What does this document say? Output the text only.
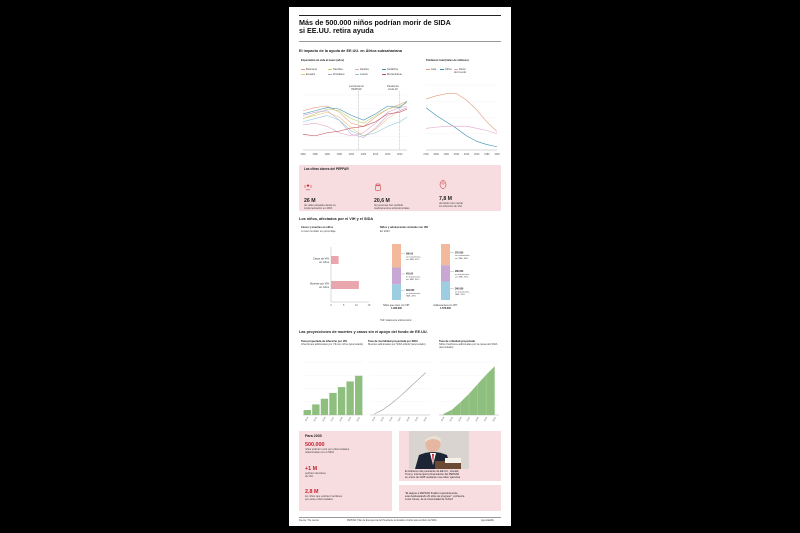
Más de 500.000 niños podrían morir de SIDA
si EE.UU. retira ayuda
El impacto de la ayuda de EE.UU. en África subsahariana
Expectativa de vida al nacer (años)	Población total (miles de millones)
Botsuana
Ecuatini
Namibia
Zimbabue
Zambia
Lesoto
Sudáfrica
Mozambique
Asia	África	Resto del mundo
Lanzamiento
PEPFAR
Pandemia
covid-19
1980	1985	1990	1995	2000	2005	2010	2015	2020	2100 2080 2060 2040 2020 2000 1980 1960
Las cifras claves del PEPFAR
26 M
de vidas salvadas desde su
implementación en 2003
20,6 M
de personas han recibido
medicamentos antirretrovirales
7,8 M
de bebés han nacido
sin infección de VIH
Los niños, afectados por el VIH y el SIDA
Casos y muertes en niños
A nivel mundial, en porcentaje
0	5	10	15
Casos de VIH
en niños
Muertes por VIH
en niños
Niños y adolescentes viviendo con VIH
En 2023
580.00
sin tratamiento,
sin TAR, 42%
410.00
en tratamiento,
sin TAR, 30%
394.000
en tratamiento,
TAR, 28%
Niños que viven con VIH:
1.380.000
370.000
sin tratamiento,
sin TAR, 38%
280.000
en tratamiento,
sin TAR, 29%
360.000
en tratamiento,
TAR, 33%
Adolescentes con VIH:
1.670.000
TAR: tratamiento antirretroviral
Las proyecciones de muertes y casos sin el apoyo del fondo de EE.UU.
Tasa proyectada de infección por VIH
Infecciones adicionales por VIH en niños (acumulado)
Tasa de mortalidad proyectada por SIDA
Muertes adicionales por SIDA infantil (acumulado)
Tasa de orfandad proyectada
Niños huérfanos adicionales por la causa del SIDA (acumulado)
2024 2025 2026 2027 2028 2029 2030	2024 2025 2026 2027 2028 2029 2030	2024 2025 2026 2027 2028 2029 2030
Para 2030
500.000
niños podrían morir por enfermedades
relacionadas con el SIDA
+1 M
podrían infectarse
de VIH
2,8 M
los niños que podrían huérfanos
por estas enfermedades
El Gobierno del presidente de EE.UU., Donald
Trump, interrumpió la financiación del PEPFAR
en enero de 2025 mediante una orden ejecutiva
"El ataque a PEPFAR finalizó repentinamente
este desbaratando 20 años de progreso", profesora
Lucie Cluver, de la Universidad de Oxford
Fuente: The Lancet	PEPFAR: Plan de Emergencia del Presidente de Estados Unidos para el Alivio del SIDA	AgenciaEFE
